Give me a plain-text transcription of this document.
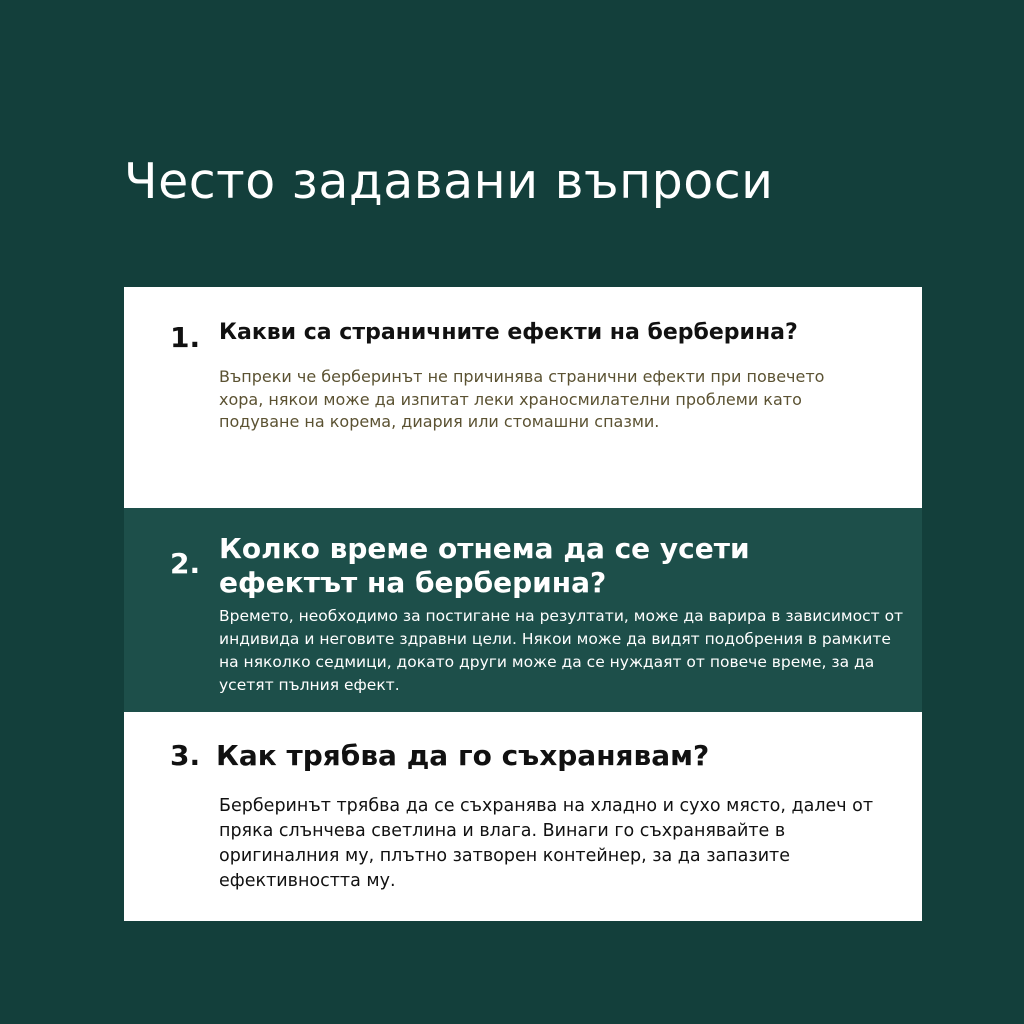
Често задавани въпроси
1. Какви са страничните ефекти на берберина?

Въпреки че берберинът не причинява странични ефекти при повечето хора, някои може да изпитат леки храносмилателни проблеми като подуване на корема, диария или стомашни спазми.

2. Колко време отнема да се усети ефектът на берберина?

Времето, необходимо за постигане на резултати, може да варира в зависимост от индивида и неговите здравни цели. Някои може да видят подобрения в рамките на няколко седмици, докато други може да се нуждаят от повече време, за да усетят пълния ефект.

3. Как трябва да го съхранявам?

Берберинът трябва да се съхранява на хладно и сухо място, далеч от пряка слънчева светлина и влага. Винаги го съхранявайте в оригиналния му, плътно затворен контейнер, за да запазите ефективността му.
